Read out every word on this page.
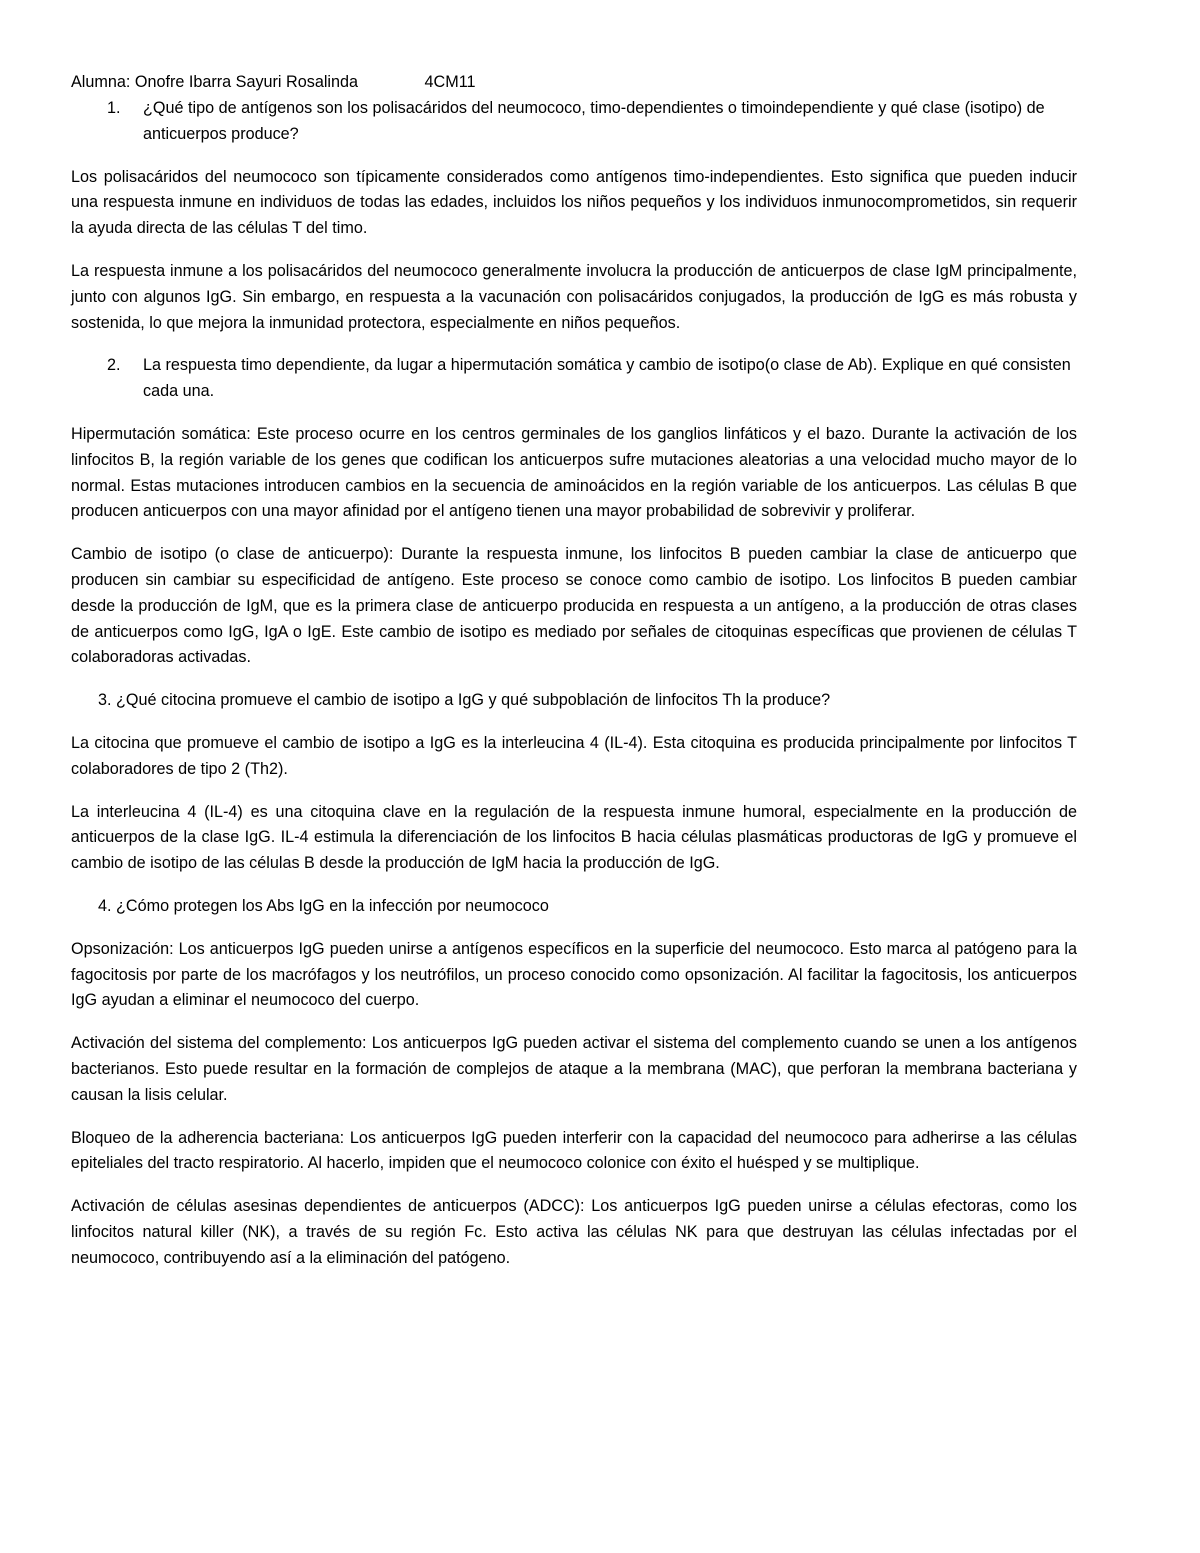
Alumna: Onofre Ibarra Sayuri Rosalinda	4CM11

1.	¿Qué tipo de antígenos son los polisacáridos del neumococo, timo-dependientes o timoindependiente y qué clase (isotipo) de anticuerpos produce?

Los polisacáridos del neumococo son típicamente considerados como antígenos timo-independientes. Esto significa que pueden inducir una respuesta inmune en individuos de todas las edades, incluidos los niños pequeños y los individuos inmunocomprometidos, sin requerir la ayuda directa de las células T del timo.

La respuesta inmune a los polisacáridos del neumococo generalmente involucra la producción de anticuerpos de clase IgM principalmente, junto con algunos IgG. Sin embargo, en respuesta a la vacunación con polisacáridos conjugados, la producción de IgG es más robusta y sostenida, lo que mejora la inmunidad protectora, especialmente en niños pequeños.

2.	La respuesta timo dependiente, da lugar a hipermutación somática y cambio de isotipo(o clase de Ab). Explique en qué consisten cada una.

Hipermutación somática: Este proceso ocurre en los centros germinales de los ganglios linfáticos y el bazo. Durante la activación de los linfocitos B, la región variable de los genes que codifican los anticuerpos sufre mutaciones aleatorias a una velocidad mucho mayor de lo normal. Estas mutaciones introducen cambios en la secuencia de aminoácidos en la región variable de los anticuerpos. Las células B que producen anticuerpos con una mayor afinidad por el antígeno tienen una mayor probabilidad de sobrevivir y proliferar.

Cambio de isotipo (o clase de anticuerpo): Durante la respuesta inmune, los linfocitos B pueden cambiar la clase de anticuerpo que producen sin cambiar su especificidad de antígeno. Este proceso se conoce como cambio de isotipo. Los linfocitos B pueden cambiar desde la producción de IgM, que es la primera clase de anticuerpo producida en respuesta a un antígeno, a la producción de otras clases de anticuerpos como IgG, IgA o IgE. Este cambio de isotipo es mediado por señales de citoquinas específicas que provienen de células T colaboradoras activadas.

3.
¿Qué citocina promueve el cambio de isotipo a IgG y qué subpoblación de linfocitos Th la produce?

La citocina que promueve el cambio de isotipo a IgG es la interleucina 4 (IL-4). Esta citoquina es producida principalmente por linfocitos T colaboradores de tipo 2 (Th2).

La interleucina 4 (IL-4) es una citoquina clave en la regulación de la respuesta inmune humoral, especialmente en la producción de anticuerpos de la clase IgG. IL-4 estimula la diferenciación de los linfocitos B hacia células plasmáticas productoras de IgG y promueve el cambio de isotipo de las células B desde la producción de IgM hacia la producción de IgG.

4.
¿Cómo protegen los Abs IgG en la infección por neumococo

Opsonización: Los anticuerpos IgG pueden unirse a antígenos específicos en la superficie del neumococo. Esto marca al patógeno para la fagocitosis por parte de los macrófagos y los neutrófilos, un proceso conocido como opsonización. Al facilitar la fagocitosis, los anticuerpos IgG ayudan a eliminar el neumococo del cuerpo.

Activación del sistema del complemento: Los anticuerpos IgG pueden activar el sistema del complemento cuando se unen a los antígenos bacterianos. Esto puede resultar en la formación de complejos de ataque a la membrana (MAC), que perforan la membrana bacteriana y causan la lisis celular.

Bloqueo de la adherencia bacteriana: Los anticuerpos IgG pueden interferir con la capacidad del neumococo para adherirse a las células epiteliales del tracto respiratorio. Al hacerlo, impiden que el neumococo colonice con éxito el huésped y se multiplique.

Activación de células asesinas dependientes de anticuerpos (ADCC): Los anticuerpos IgG pueden unirse a células efectoras, como los linfocitos natural killer (NK), a través de su región Fc. Esto activa las células NK para que destruyan las células infectadas por el neumococo, contribuyendo así a la eliminación del patógeno.
